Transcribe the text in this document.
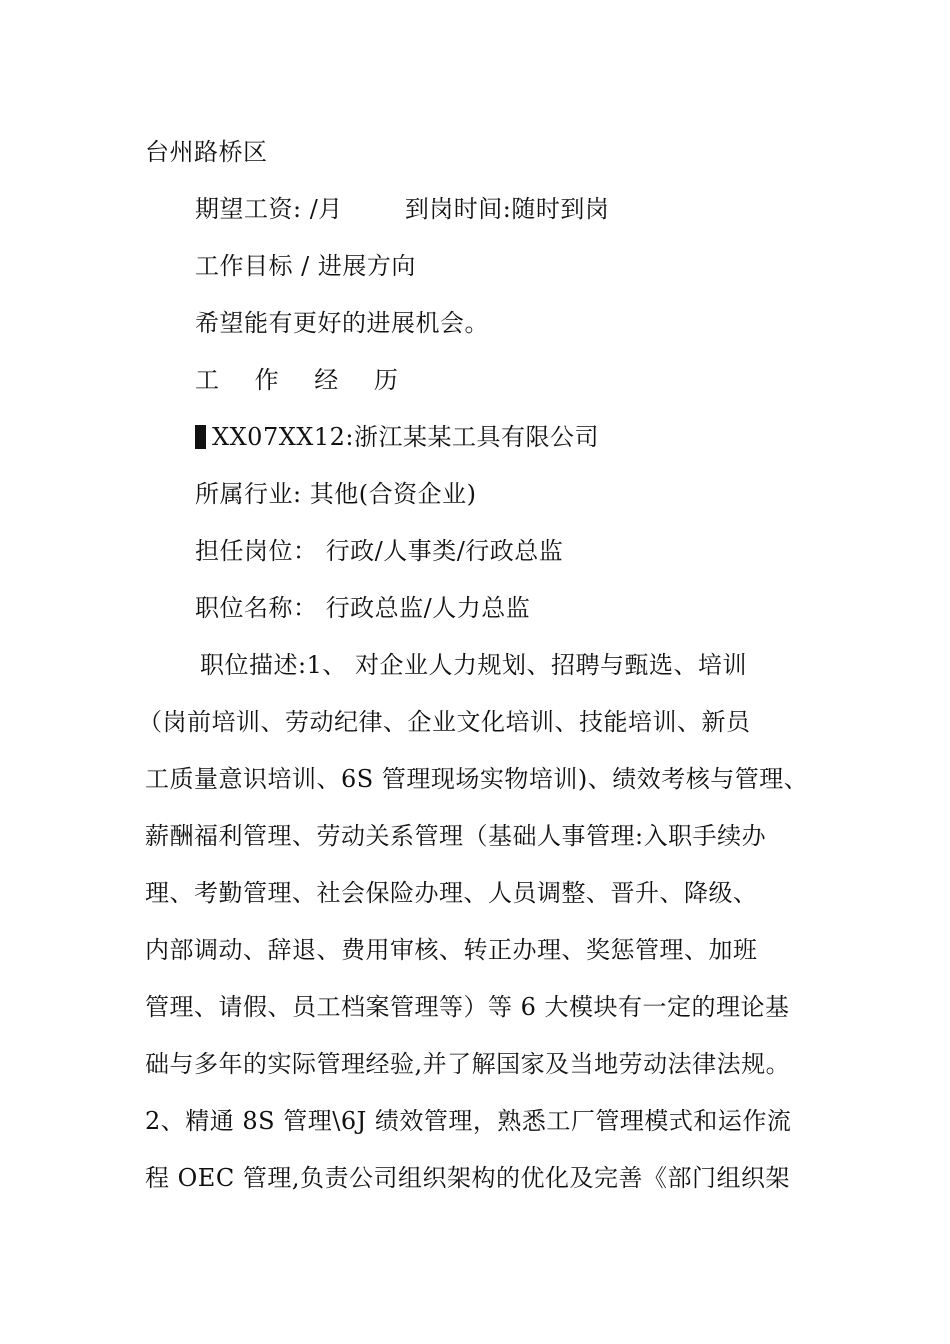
台州路桥区
期望工资: /月	到岗时间:随时到岗
工作目标 / 进展方向
希望能有更好的进展机会。
工 作 经 历
XX07XX12:浙江某某工具有限公司
所属行业: 其他(合资企业)
担任岗位： 行政/人事类/行政总监
职位名称： 行政总监/人力总监
职位描述:1、 对企业人力规划、招聘与甄选、培训
（岗前培训、劳动纪律、企业文化培训、技能培训、新员
工质量意识培训、6S 管理现场实物培训)、绩效考核与管理、
薪酬福利管理、劳动关系管理（基础人事管理:入职手续办
理、考勤管理、社会保险办理、人员调整、晋升、降级、
内部调动、辞退、费用审核、转正办理、奖惩管理、加班
管理、请假、员工档案管理等）等 6 大模块有一定的理论基
础与多年的实际管理经验,并了解国家及当地劳动法律法规。
2、精通 8S 管理\6J 绩效管理，熟悉工厂管理模式和运作流
程 OEC 管理,负责公司组织架构的优化及完善《部门组织架
